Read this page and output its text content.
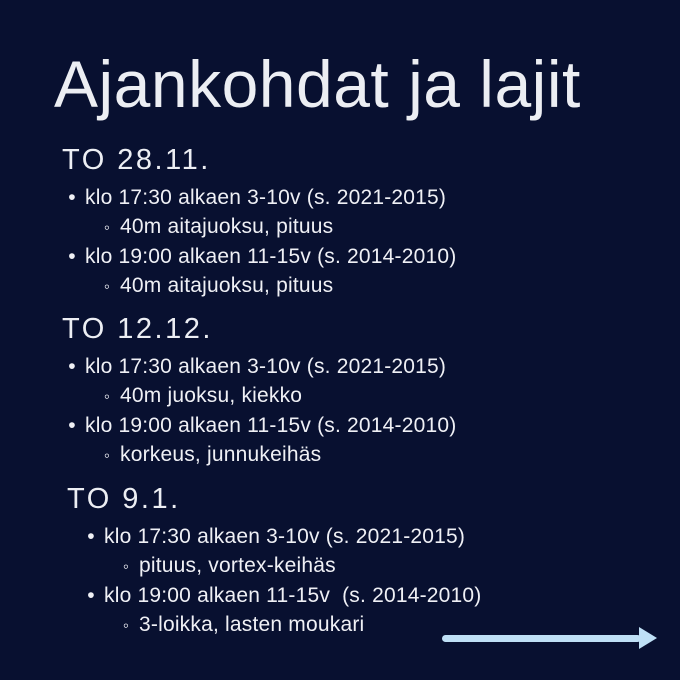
Ajankohdat ja lajit
TO 28.11.
•
klo 17:30 alkaen 3-10v (s. 2021-2015)
◦
40m aitajuoksu, pituus
•
klo 19:00 alkaen 11-15v (s. 2014-2010)
◦
40m aitajuoksu, pituus
TO 12.12.
•
klo 17:30 alkaen 3-10v (s. 2021-2015)
◦
40m juoksu, kiekko
•
klo 19:00 alkaen 11-15v (s. 2014-2010)
◦
korkeus, junnukeihäs
TO 9.1.
•
klo 17:30 alkaen 3-10v (s. 2021-2015)
◦
pituus, vortex-keihäs
•
klo 19:00 alkaen 11-15v  (s. 2014-2010)
◦
3-loikka, lasten moukari
